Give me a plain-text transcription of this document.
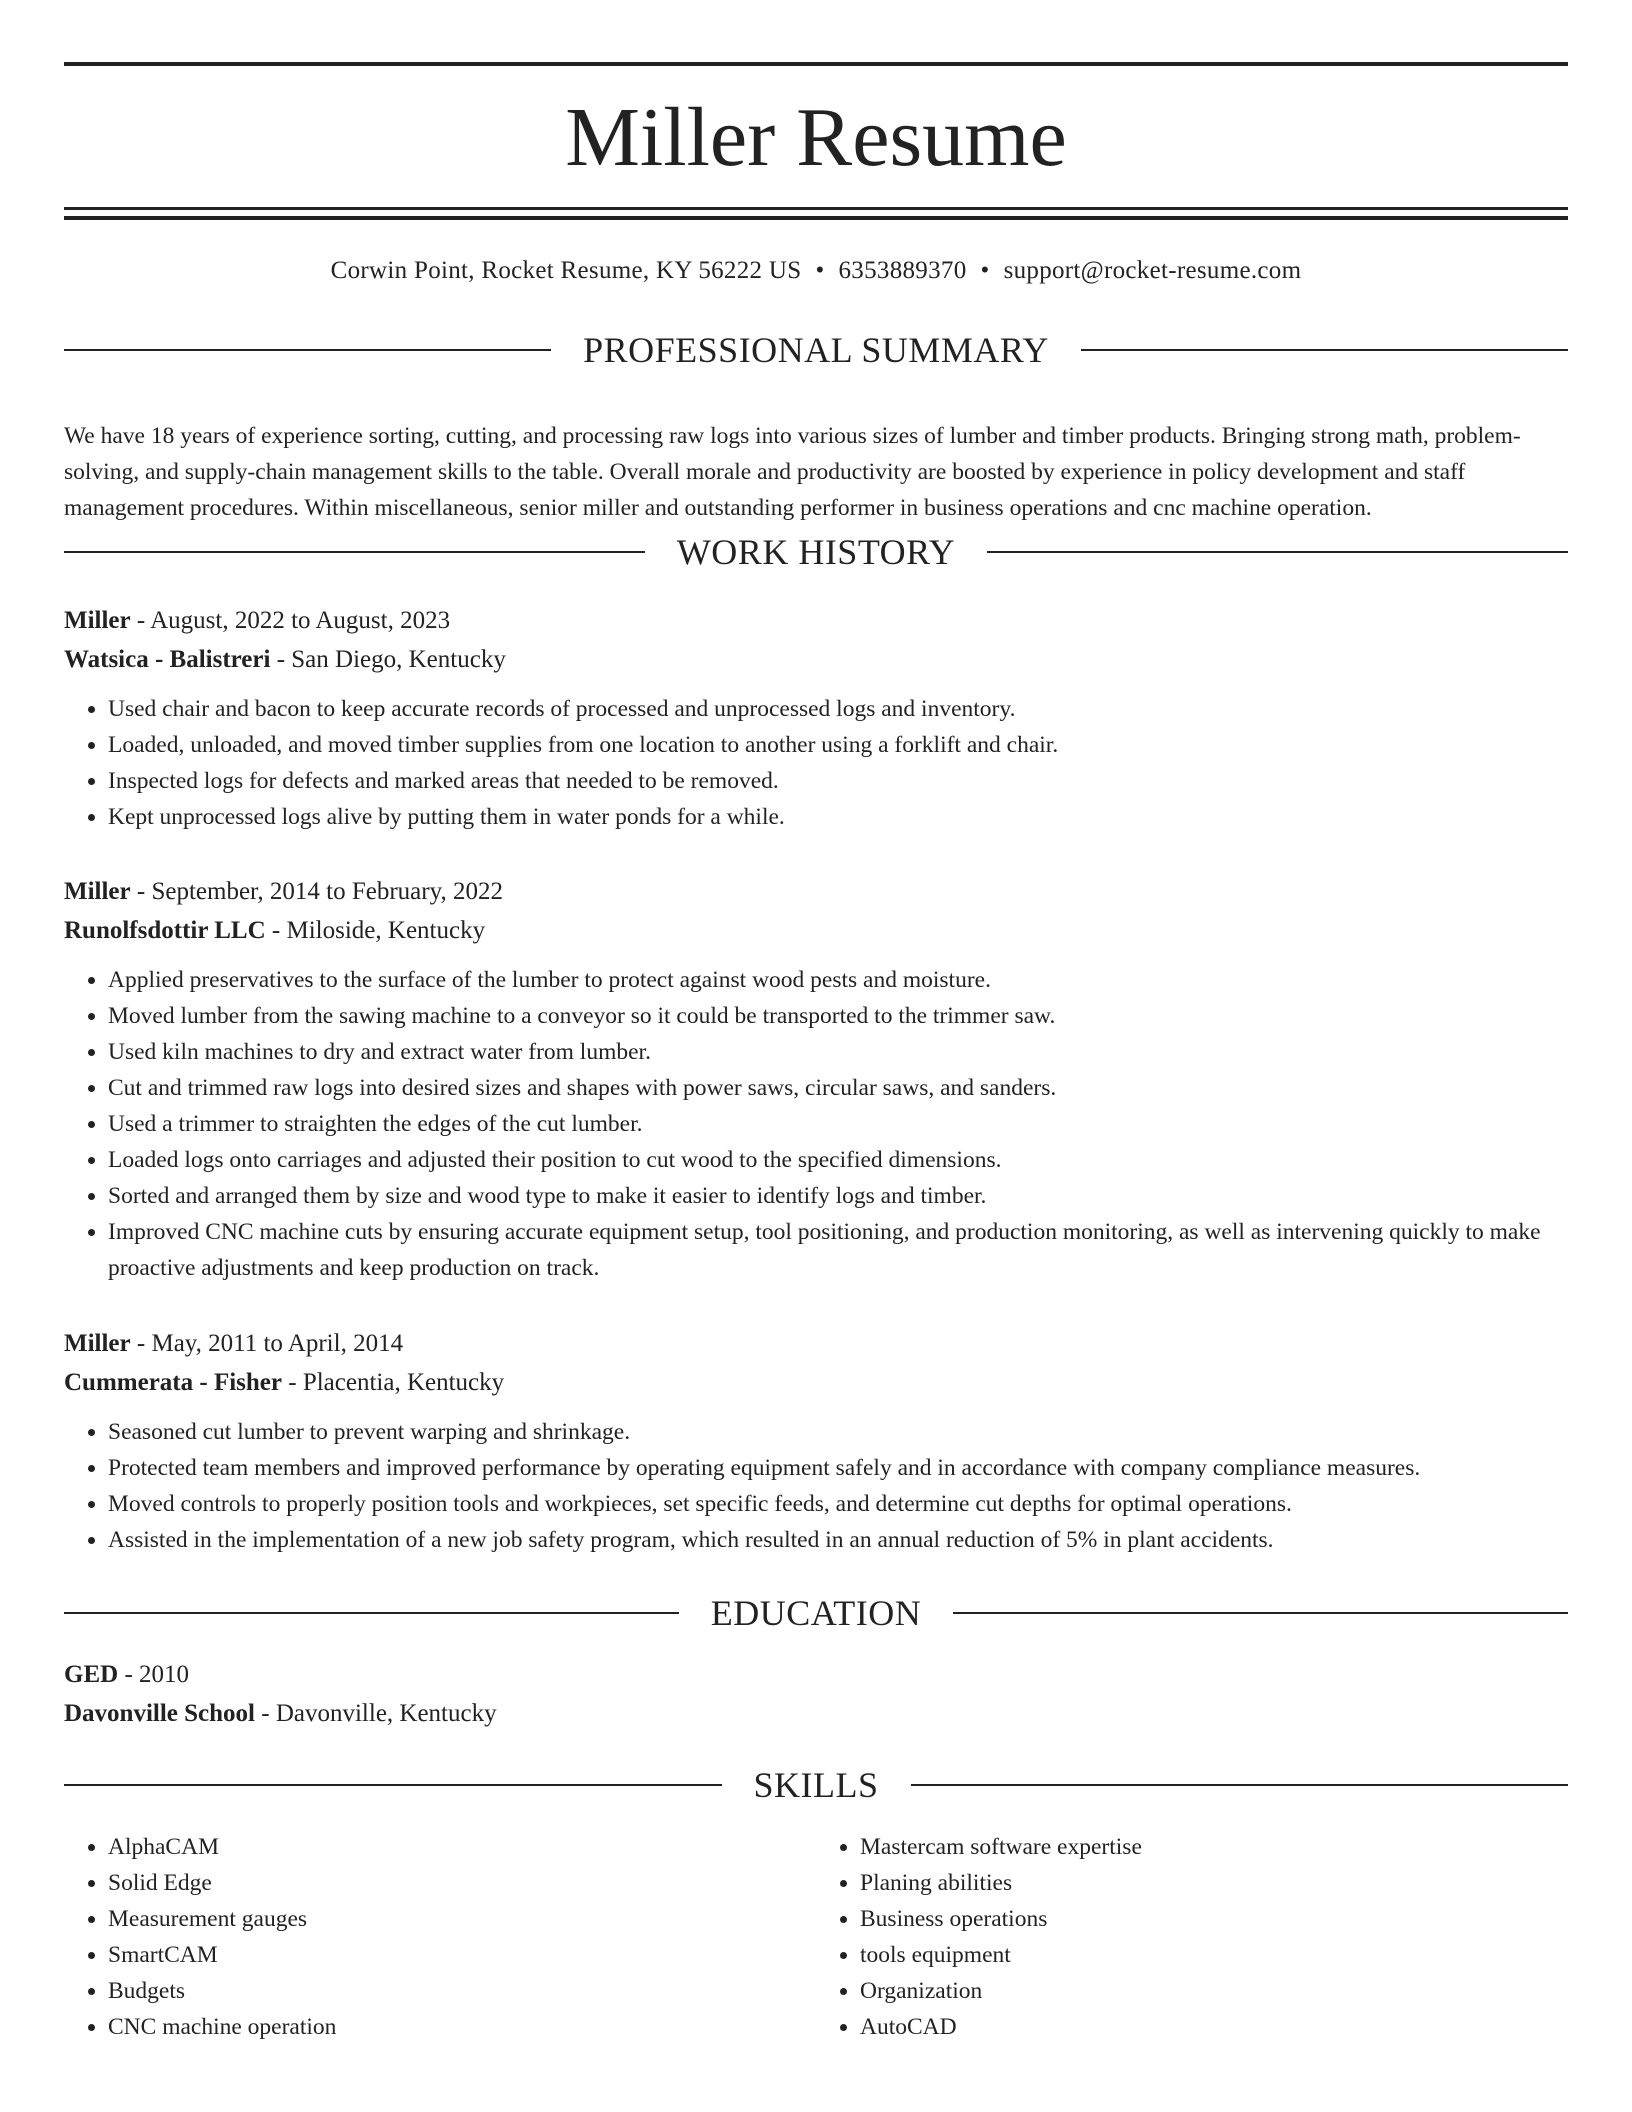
Miller Resume
Corwin Point, Rocket Resume, KY 56222 US • 6353889370 • support@rocket-resume.com
PROFESSIONAL SUMMARY

We have 18 years of experience sorting, cutting, and processing raw logs into various sizes of lumber and timber products. Bringing strong math, problem-solving, and supply-chain management skills to the table. Overall morale and productivity are boosted by experience in policy development and staff management procedures. Within miscellaneous, senior miller and outstanding performer in business operations and cnc machine operation.

WORK HISTORY
Miller - August, 2022 to August, 2023
Watsica - Balistreri - San Diego, Kentucky
• Used chair and bacon to keep accurate records of processed and unprocessed logs and inventory.
• Loaded, unloaded, and moved timber supplies from one location to another using a forklift and chair.
• Inspected logs for defects and marked areas that needed to be removed.
• Kept unprocessed logs alive by putting them in water ponds for a while.
Miller - September, 2014 to February, 2022
Runolfsdottir LLC - Miloside, Kentucky
• Applied preservatives to the surface of the lumber to protect against wood pests and moisture.
• Moved lumber from the sawing machine to a conveyor so it could be transported to the trimmer saw.
• Used kiln machines to dry and extract water from lumber.
• Cut and trimmed raw logs into desired sizes and shapes with power saws, circular saws, and sanders.
• Used a trimmer to straighten the edges of the cut lumber.
• Loaded logs onto carriages and adjusted their position to cut wood to the specified dimensions.
• Sorted and arranged them by size and wood type to make it easier to identify logs and timber.
• Improved CNC machine cuts by ensuring accurate equipment setup, tool positioning, and production monitoring, as well as intervening quickly to make proactive adjustments and keep production on track.
Miller - May, 2011 to April, 2014
Cummerata - Fisher - Placentia, Kentucky
• Seasoned cut lumber to prevent warping and shrinkage.
• Protected team members and improved performance by operating equipment safely and in accordance with company compliance measures.
• Moved controls to properly position tools and workpieces, set specific feeds, and determine cut depths for optimal operations.
• Assisted in the implementation of a new job safety program, which resulted in an annual reduction of 5% in plant accidents.
EDUCATION
GED - 2010
Davonville School - Davonville, Kentucky
SKILLS
• AlphaCAM
• Solid Edge
• Measurement gauges
• SmartCAM
• Budgets
• CNC machine operation
• Mastercam software expertise
• Planing abilities
• Business operations
• tools equipment
• Organization
• AutoCAD
